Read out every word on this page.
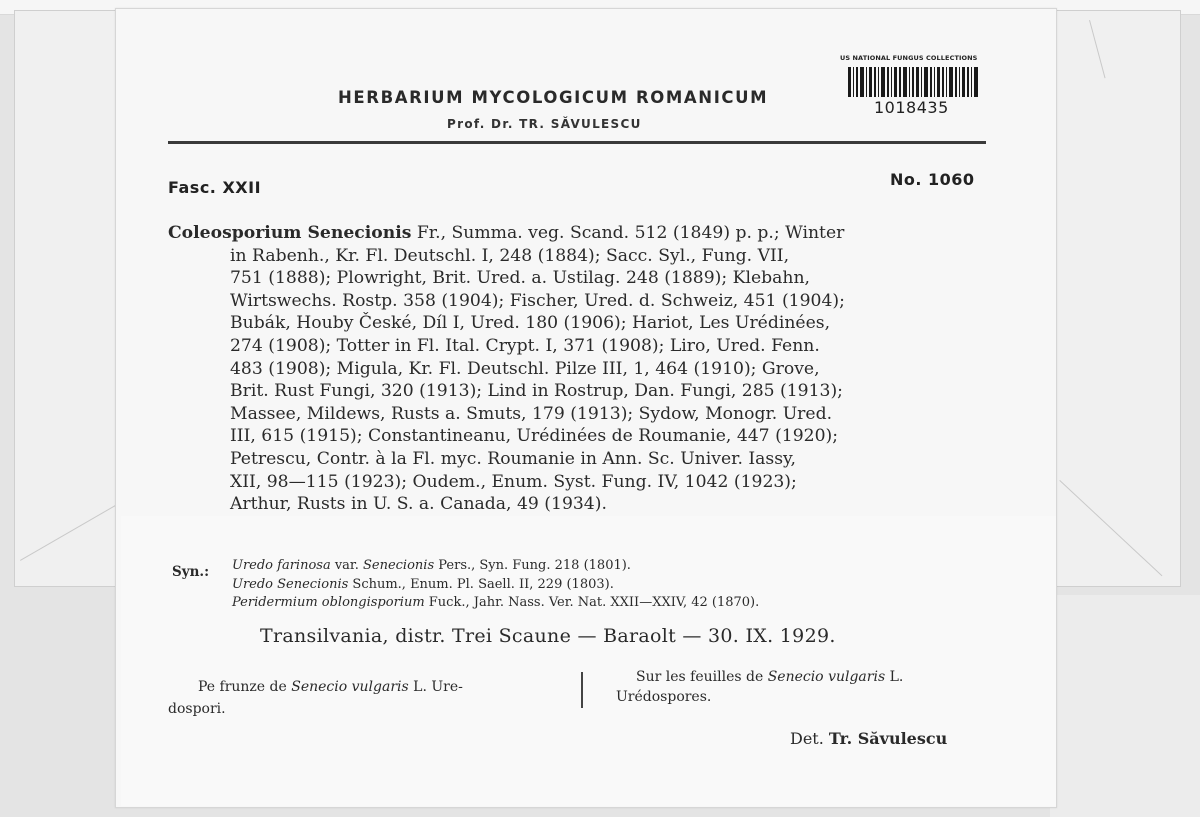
HERBARIUM MYCOLOGICUM ROMANICUM
Prof. Dr. TR. SĂVULESCU
US NATIONAL FUNGUS COLLECTIONS
1018435
Fasc. XXII	No. 1060
Coleosporium Senecionis Fr., Summa. veg. Scand. 512 (1849) p. p.; Winter
in Rabenh., Kr. Fl. Deutschl. I, 248 (1884); Sacc. Syl., Fung. VII,
751 (1888); Plowright, Brit. Ured. a. Ustilag. 248 (1889); Klebahn,
Wirtswechs. Rostp. 358 (1904); Fischer, Ured. d. Schweiz, 451 (1904);
Bubák, Houby České, Díl I, Ured. 180 (1906); Hariot, Les Urédinées,
274 (1908); Totter in Fl. Ital. Crypt. I, 371 (1908); Liro, Ured. Fenn.
483 (1908); Migula, Kr. Fl. Deutschl. Pilze III, 1, 464 (1910); Grove,
Brit. Rust Fungi, 320 (1913); Lind in Rostrup, Dan. Fungi, 285 (1913);
Massee, Mildews, Rusts a. Smuts, 179 (1913); Sydow, Monogr. Ured.
III, 615 (1915); Constantineanu, Urédinées de Roumanie, 447 (1920);
Petrescu, Contr. à la Fl. myc. Roumanie in Ann. Sc. Univer. Iassy,
XII, 98—115 (1923); Oudem., Enum. Syst. Fung. IV, 1042 (1923);
Arthur, Rusts in U. S. a. Canada, 49 (1934).
Syn.: Uredo farinosa var. Senecionis Pers., Syn. Fung. 218 (1801).
Uredo Senecionis Schum., Enum. Pl. Saell. II, 229 (1803).
Peridermium oblongisporium Fuck., Jahr. Nass. Ver. Nat. XXII—XXIV, 42 (1870).
Transilvania, distr. Trei Scaune — Baraolt — 30. IX. 1929.
Pe frunze de Senecio vulgaris L. Ure-
dospori.
Sur les feuilles de Senecio vulgaris L.
Urédospores.
Det. Tr. Săvulescu
